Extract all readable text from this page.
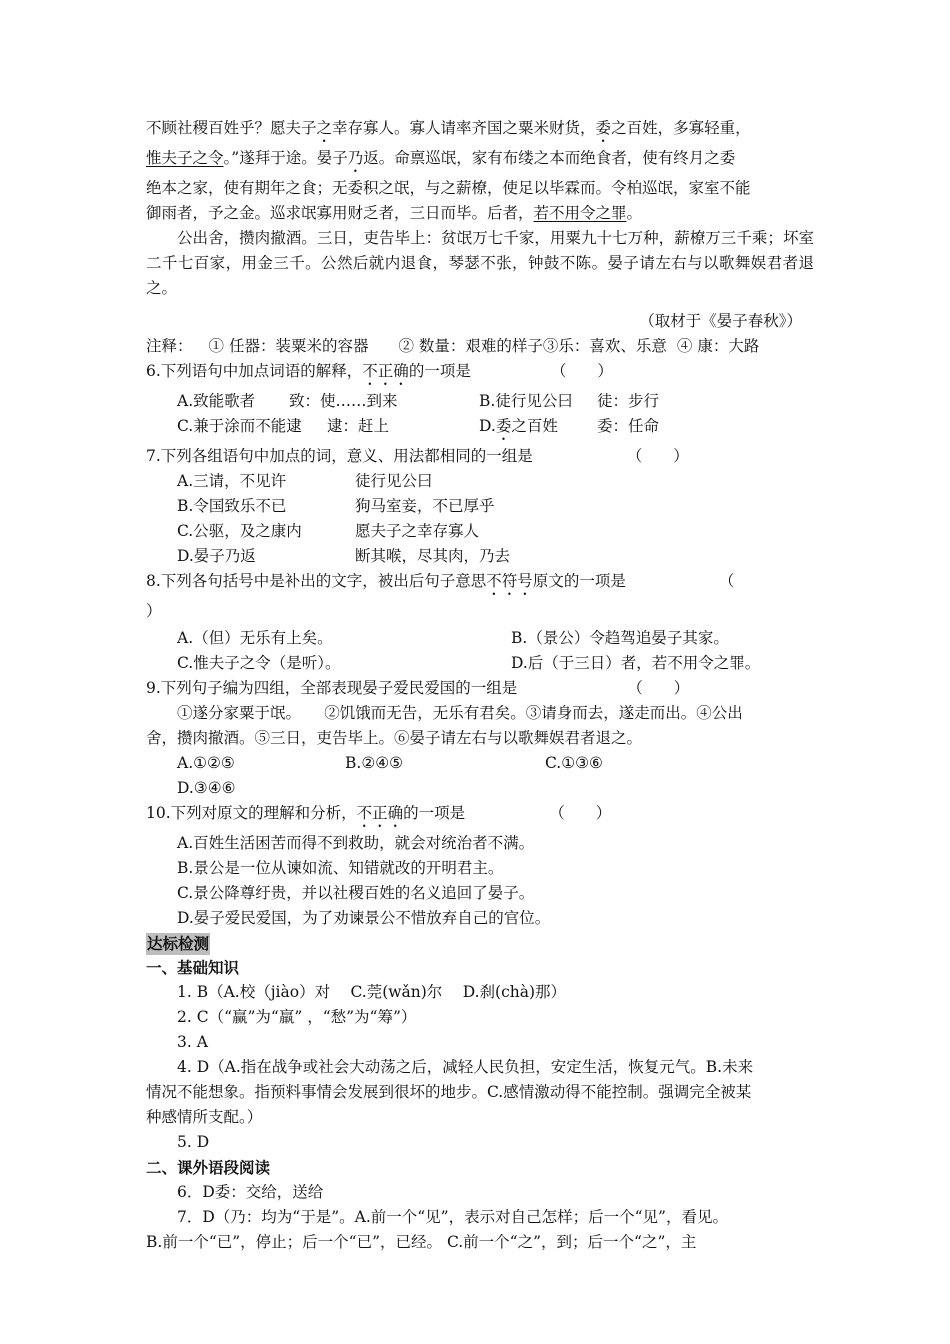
不顾社稷百姓乎？愿夫子之幸存寡人。寡人请率齐国之粟米财货，委之百姓，多寡轻重，

惟夫子之令。”遂拜于途。晏子乃返。命禀巡氓，家有布缕之本而绝食者，使有终月之委

绝本之家，使有期年之食；无委积之氓，与之薪橑，使足以毕霖而。令柏巡氓，家室不能

御雨者，予之金。巡求氓寡用财乏者，三日而毕。后者，若不用令之罪。

公出舍，攒肉撤酒。三日，吏告毕上：贫氓万七千家，用粟九十七万种，薪橑万三千乘；坏室二千七百家，用金三千。公然后就内退食，琴瑟不张，钟鼓不陈。晏子请左右与以歌舞娱君者退之。

（取材于《晏子春秋》）
注释： ① 任器：装粟米的容器 ② 数量：艰难的样子③乐：喜欢、乐意 ④ 康：大路
6.下列语句中加点词语的解释， 不正确 的一项是	（　　）
A.致能歌者	致：使……到来	B.徒行见公曰	徒：步行
C.兼于涂而不能逮	逮：赶上	D.委之百姓	委：任命
7.下列各组语句中加点的词，意义、用法都相同的一组是	（　　）
A.三请，不见许	徒行见公曰
B.令国致乐不已	狗马室妾，不已厚乎
C.公驱，及之康内	愿夫子之幸存寡人
D.晏子乃返	断其喉，尽其肉，乃去
8.下列各句括号中是补出的文字，被出后句子意思 不符号 原文的一项是	（
）
A.（但）无乐有上矣。	B.（景公）令趋驾追晏子其家。
C.惟夫子之令（是听）。	D.后（于三日）者，若不用令之罪。
9.下列句子编为四组，全部表现晏子爱民爱国的一组是	（　　）

①遂分家粟于氓。　　②饥饿而无告，无乐有君矣。③请身而去，遂走而出。④公出

舍，攒肉撤酒。⑤三日，吏告毕上。⑥晏子请左右与以歌舞娱君者退之。

A.①②⑤	B.②④⑤	C.①③⑥
D.③④⑥
10.下列对原文的理解和分析， 不正确 的一项是	（　　）
A.百姓生活困苦而得不到救助，就会对统治者不满。
B.景公是一位从谏如流、知错就改的开明君主。
C.景公降尊纡贵，并以社稷百姓的名义追回了晏子。
D.晏子爱民爱国，为了劝谏景公不惜放弃自己的官位。
达标检测
一、基础知识
1. B（A.校（jiào）对　 C.莞(wǎn)尔　 D.刹(chà)那）
2. C（“赢”为“羸” ，“愁”为“筹”）
3. A

4. D（A.指在战争或社会大动荡之后，减轻人民负担，安定生活，恢复元气。B.未来

情况不能想象。指预料事情会发展到很坏的地步。C.感情激动得不能控制。强调完全被某

种感情所支配。）

5. D
二、课外语段阅读
6．D委：交给，送给

7．D（乃：均为“于是”。A.前一个“见”，表示对自己怎样；后一个“见”，看见。

B.前一个“已”，停止；后一个“已”，已经。 C.前一个“之”，到；后一个“之”，主
